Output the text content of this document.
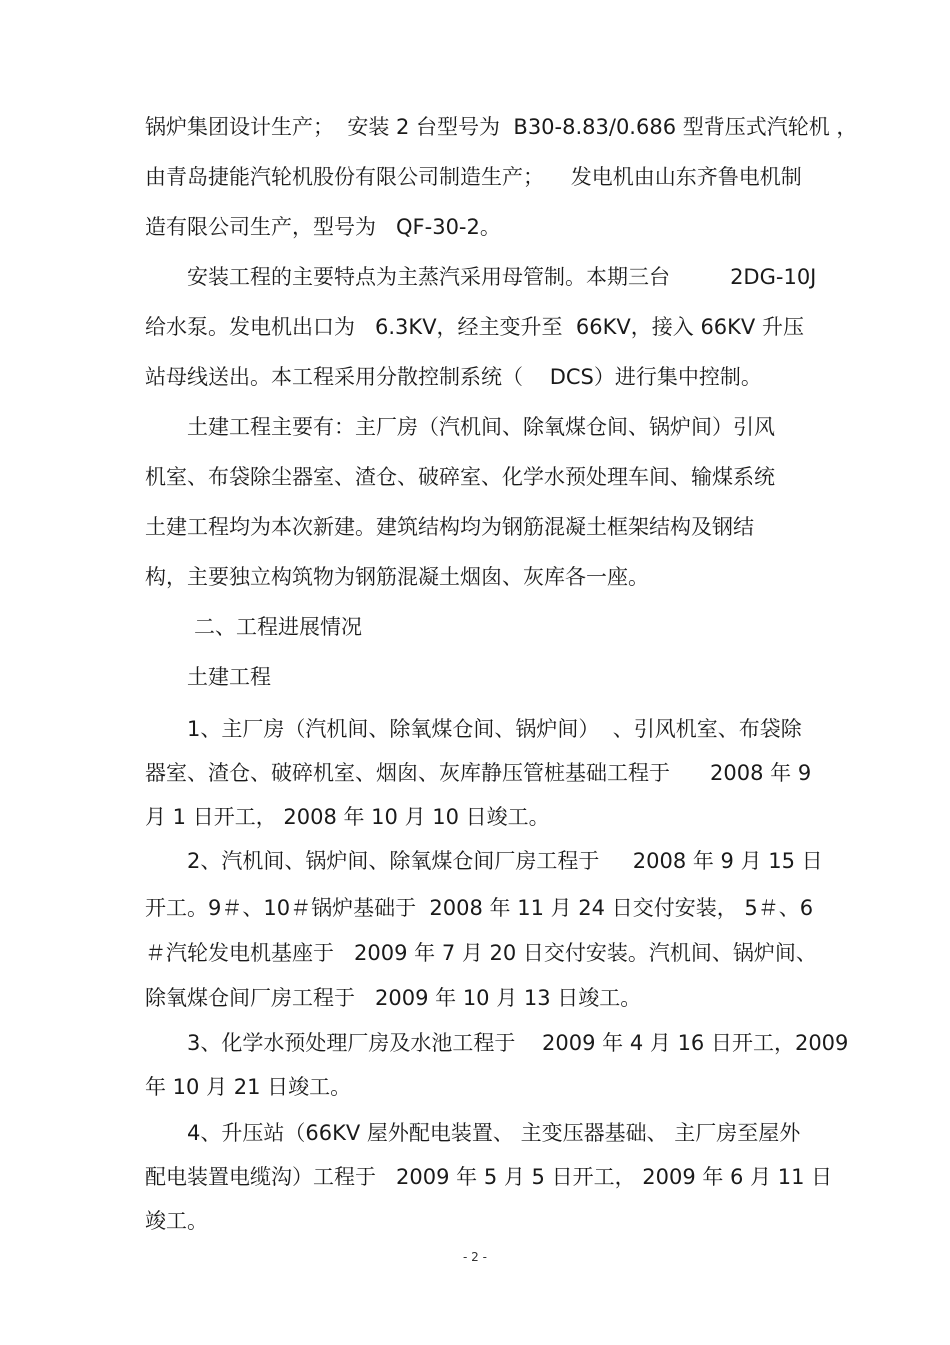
锅炉集团设计生产；  安装 2 台型号为  B30-8.83/0.686 型背压式汽轮机 ，
由青岛捷能汽轮机股份有限公司制造生产；    发电机由山东齐鲁电机制
造有限公司生产，型号为   QF-30-2。
安装工程的主要特点为主蒸汽采用母管制。本期三台         2DG-10J
给水泵。发电机出口为   6.3KV，经主变升至  66KV，接入 66KV 升压
站母线送出。本工程采用分散控制系统（    DCS）进行集中控制。
土建工程主要有：主厂房（汽机间、除氧煤仓间、锅炉间）引风
机室、布袋除尘器室、渣仓、破碎室、化学水预处理车间、输煤系统
土建工程均为本次新建。建筑结构均为钢筋混凝土框架结构及钢结
构，主要独立构筑物为钢筋混凝土烟囱、灰库各一座。
二、工程进展情况
土建工程
1、主厂房（汽机间、除氧煤仓间、锅炉间）  、引风机室、布袋除
器室、渣仓、破碎机室、烟囱、灰库静压管桩基础工程于      2008 年 9
月 1 日开工， 2008 年 10 月 10 日竣工。
2、汽机间、锅炉间、除氧煤仓间厂房工程于     2008 年 9 月 15 日
开工。9＃、10＃锅炉基础于  2008 年 11 月 24 日交付安装， 5＃、6
＃汽轮发电机基座于   2009 年 7 月 20 日交付安装。汽机间、锅炉间、
除氧煤仓间厂房工程于   2009 年 10 月 13 日竣工。
3、化学水预处理厂房及水池工程于    2009 年 4 月 16 日开工，2009
年 10 月 21 日竣工。
4、升压站（66KV 屋外配电装置、 主变压器基础、 主厂房至屋外
配电装置电缆沟）工程于   2009 年 5 月 5 日开工， 2009 年 6 月 11 日
竣工。
- 2 -
